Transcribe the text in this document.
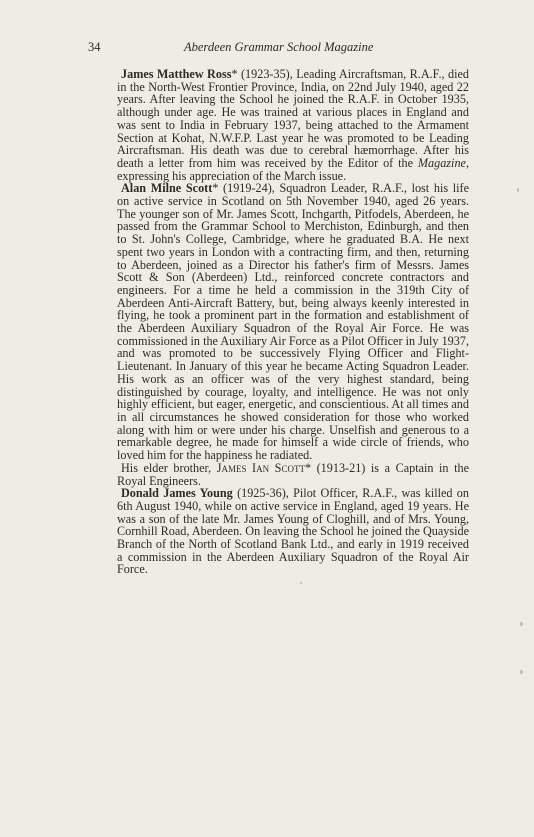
34	Aberdeen Grammar School Magazine

James Matthew Ross* (1923-35), Leading Aircraftsman, R.A.F., died in the North-West Frontier Province, India, on 22nd July 1940, aged 22 years. After leaving the School he joined the R.A.F. in October 1935, although under age. He was trained at various places in England and was sent to India in February 1937, being attached to the Armament Section at Kohat, N.W.F.P. Last year he was promoted to be Leading Aircraftsman. His death was due to cerebral hæmorrhage. After his death a letter from him was received by the Editor of the Magazine, expressing his appreciation of the March issue.

Alan Milne Scott* (1919-24), Squadron Leader, R.A.F., lost his life on active service in Scotland on 5th November 1940, aged 26 years. The younger son of Mr. James Scott, Inchgarth, Pitfodels, Aberdeen, he passed from the Grammar School to Merchiston, Edinburgh, and then to St. John's College, Cambridge, where he graduated B.A. He next spent two years in London with a contracting firm, and then, returning to Aberdeen, joined as a Director his father's firm of Messrs. James Scott & Son (Aberdeen) Ltd., reinforced concrete contractors and engineers. For a time he held a commission in the 319th City of Aberdeen Anti-Aircraft Battery, but, being always keenly interested in flying, he took a prominent part in the formation and establishment of the Aberdeen Auxiliary Squadron of the Royal Air Force. He was commissioned in the Auxiliary Air Force as a Pilot Officer in July 1937, and was promoted to be successively Flying Officer and Flight-Lieutenant. In January of this year he became Acting Squadron Leader. His work as an officer was of the very highest standard, being distinguished by courage, loyalty, and intelligence. He was not only highly efficient, but eager, energetic, and conscientious. At all times and in all circumstances he showed consideration for those who worked along with him or were under his charge. Unselfish and generous to a remarkable degree, he made for himself a wide circle of friends, who loved him for the happiness he radiated.

His elder brother, James Ian Scott* (1913-21) is a Captain in the Royal Engineers.

Donald James Young (1925-36), Pilot Officer, R.A.F., was killed on 6th August 1940, while on active service in England, aged 19 years. He was a son of the late Mr. James Young of Cloghill, and of Mrs. Young, Cornhill Road, Aberdeen. On leaving the School he joined the Quayside Branch of the North of Scotland Bank Ltd., and early in 1919 received a commission in the Aberdeen Auxiliary Squadron of the Royal Air Force.
